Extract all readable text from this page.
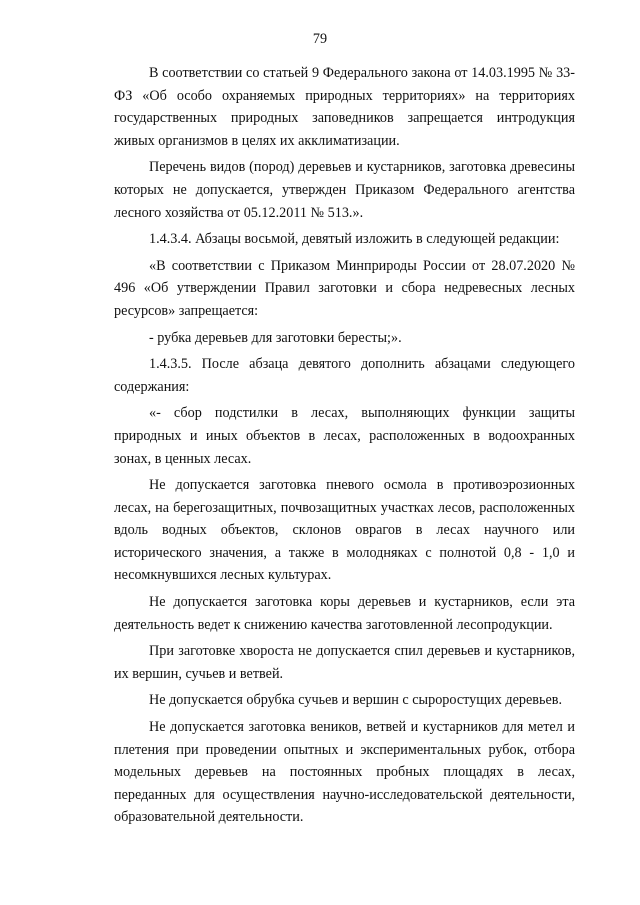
79

В соответствии со статьей 9 Федерального закона от 14.03.1995 № 33-ФЗ «Об особо охраняемых природных территориях» на территориях государственных природных заповедников запрещается интродукция живых организмов в целях их акклиматизации.

Перечень видов (пород) деревьев и кустарников, заготовка древесины которых не допускается, утвержден Приказом Федерального агентства лесного хозяйства от 05.12.2011 № 513.».

1.4.3.4. Абзацы восьмой, девятый изложить в следующей редакции:

«В соответствии с Приказом Минприроды России от 28.07.2020 № 496 «Об утверждении Правил заготовки и сбора недревесных лесных ресурсов» запрещается:

- рубка деревьев для заготовки бересты;».

1.4.3.5. После абзаца девятого дополнить абзацами следующего содержания:

«- сбор подстилки в лесах, выполняющих функции защиты природных и иных объектов в лесах, расположенных в водоохранных зонах, в ценных лесах.

Не допускается заготовка пневого осмола в противоэрозионных лесах, на берегозащитных, почвозащитных участках лесов, расположенных вдоль водных объектов, склонов оврагов в лесах научного или исторического значения, а также в молодняках с полнотой 0,8 - 1,0 и несомкнувшихся лесных культурах.

Не допускается заготовка коры деревьев и кустарников, если эта деятельность ведет к снижению качества заготовленной лесопродукции.

При заготовке хвороста не допускается спил деревьев и кустарников, их вершин, сучьев и ветвей.

Не допускается обрубка сучьев и вершин с сыроростущих деревьев.

Не допускается заготовка веников, ветвей и кустарников для метел и плетения при проведении опытных и экспериментальных рубок, отбора модельных деревьев на постоянных пробных площадях в лесах, переданных для осуществления научно-исследовательской деятельности, образовательной деятельности.
